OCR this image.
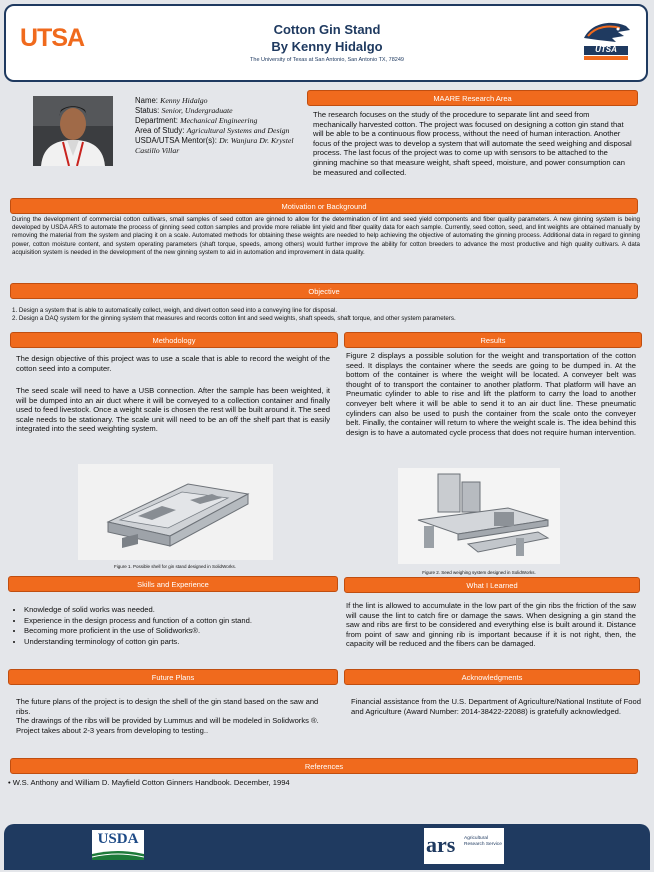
UTSA	Cotton Gin Stand
By Kenny Hidalgo
The University of Texas at San Antonio, San Antonio TX, 78249
UTSA
Name: Kenny Hidalgo
Status: Senior, Undergraduate
Department: Mechanical Engineering
Area of Study: Agricultural Systems and Design
USDA/UTSA Mentor(s): Dr. Wanjura Dr. Krystel Castillo Villar
MAARE Research Area
The research focuses on the study of the procedure to separate lint and seed from mechanically harvested cotton. The project was focused on designing a cotton gin stand that will be able to be a continuous flow process, without the need of human interaction. Another focus of the project was to develop a system that will automate the seed weighing and disposal process. The last focus of the project was to come up with sensors to be attached to the ginning machine so that measure weight, shaft speed, moisture, and power consumption can be measured and collected.
Motivation or Background
During the development of commercial cotton cultivars, small samples of seed cotton are ginned to allow for the determination of lint and seed yield components and fiber quality parameters. A new ginning system is being developed by USDA ARS to automate the process of ginning seed cotton samples and provide more reliable lint yield and fiber quality data for each sample. Currently, seed cotton, seed, and lint weights are obtained manually by removing the material from the system and placing it on a scale. Automated methods for obtaining these weights are needed to help achieving the objective of automating the ginning process. Additional data in regard to ginning power, cotton moisture content, and system operating parameters (shaft torque, speeds, among others) would further improve the ability for cotton breeders to advance the most productive and high quality cultivars. A data acquisition system is needed in the development of the new ginning system to aid in automation and improvement in data quality.
Objective
1. Design a system that is able to automatically collect, weigh, and divert cotton seed into a conveying line for disposal.
2. Design a DAQ system for the ginning system that measures and records cotton lint and seed weights, shaft speeds, shaft torque, and other system parameters.
Methodology
The design objective of this project was to use a scale that is able to record the weight of the cotton seed into a computer.
The seed scale will need to have a USB connection. After the sample has been weighted, it will be dumped into an air duct where it will be conveyed to a collection container and finally used to feed livestock. Once a weight scale is chosen the rest will be built around it. The seed scale needs to be stationary. The scale unit will need to be an off the shelf part that is easily integrated into the seed weighting system.
Figure 1. Possible shell for gin stand designed in SolidWorks.
Results
Figure 2 displays a possible solution for the weight and transportation of the cotton seed. It displays the container where the seeds are going to be dumped in. At the bottom of the container is where the weight will be located. A conveyer belt was thought of to transport the container to another platform. That platform will have an Pneumatic cylinder to able to rise and lift the platform to carry the load to another conveyer belt where it will be able to send it to an air duct line. These pneumatic cylinders can also be used to push the container from the scale onto the conveyer belt. Finally, the container will return to where the weight scale is. The idea behind this design is to have a automated cycle process that does not require human intervention.
Figure 2. Seed weighing system designed in SolidWorks.
Skills and Experience
• Knowledge of solid works was needed.
• Experience in the design process and function of a cotton gin stand.
• Becoming more proficient in the use of Solidworks®.
• Understanding terminology of cotton gin parts.
What I Learned
If the lint is allowed to accumulate in the low part of the gin ribs the friction of the saw will cause the lint to catch fire or damage the saws. When designing a gin stand the saw and ribs are first to be considered and everything else is built around it. Distance from point of saw and ginning rib is important because if it is not right, then, the capacity will be reduced and the fibers can be damaged.
Future Plans
The future plans of the project is to design the shell of the gin stand based on the saw and ribs.
The drawings of the ribs will be provided by Lummus and will be modeled in Solidworks ®.
Project takes about 2-3 years from developing to testing..
Acknowledgments
Financial assistance from the U.S. Department of Agriculture/National Institute of Food and Agriculture (Award Number: 2014-38422-22088) is gratefully acknowledged.
References
• W.S. Anthony and William D. Mayfield Cotton Ginners Handbook. December, 1994
USDA	ars Agricultural Research Service
